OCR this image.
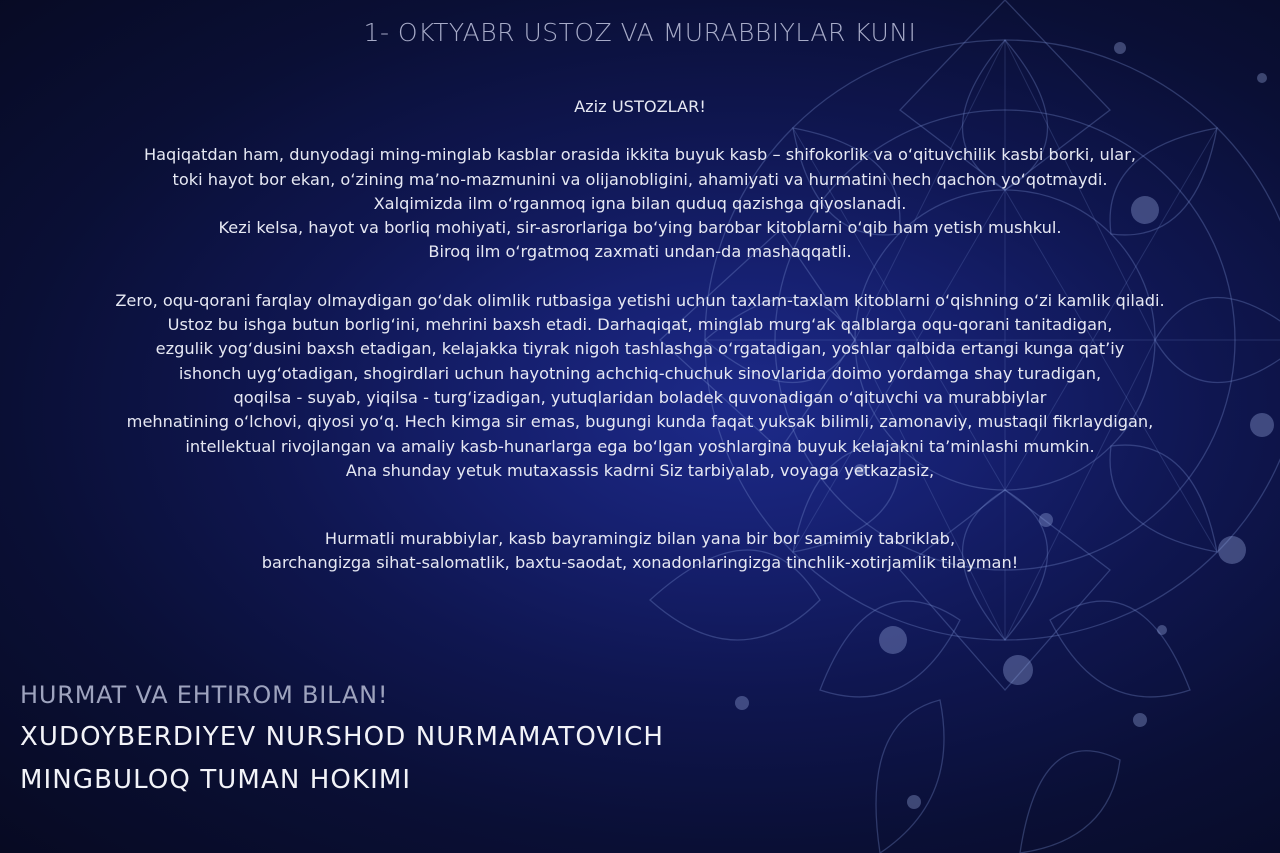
1- OKTYABR USTOZ VA MURABBIYLAR KUNI

Aziz USTOZLAR!

Haqiqatdan ham, dunyodagi ming-minglab kasblar orasida ikkita buyuk kasb – shifokorlik va o‘qituvchilik kasbi borki, ular,

toki hayot bor ekan, o‘zining ma’no-mazmunini va olijanobligini, ahamiyati va hurmatini hech qachon yo‘qotmaydi.

Xalqimizda ilm o‘rganmoq igna bilan quduq qazishga qiyoslanadi.

Kezi kelsa, hayot va borliq mohiyati, sir-asrorlariga bo‘ying barobar kitoblarni o‘qib ham yetish mushkul.

Biroq ilm o‘rgatmoq zaxmati undan-da mashaqqatli.

Zero, oqu-qorani farqlay olmaydigan go‘dak olimlik rutbasiga yetishi uchun taxlam-taxlam kitoblarni o‘qishning o‘zi kamlik qiladi.

Ustoz bu ishga butun borlig‘ini, mehrini baxsh etadi. Darhaqiqat, minglab murg‘ak qalblarga oqu-qorani tanitadigan,

ezgulik yog‘dusini baxsh etadigan, kelajakka tiyrak nigoh tashlashga o‘rgatadigan, yoshlar qalbida ertangi kunga qat’iy

ishonch uyg‘otadigan, shogirdlari uchun hayotning achchiq-chuchuk sinovlarida doimo yordamga shay turadigan,

qoqilsa - suyab, yiqilsa - turg‘izadigan, yutuqlaridan boladek quvonadigan o‘qituvchi va murabbiylar

mehnatining o‘lchovi, qiyosi yo‘q. Hech kimga sir emas, bugungi kunda faqat yuksak bilimli, zamonaviy, mustaqil fikrlaydigan,

intellektual rivojlangan va amaliy kasb-hunarlarga ega bo‘lgan yoshlargina buyuk kelajakni ta’minlashi mumkin.

Ana shunday yetuk mutaxassis kadrni Siz tarbiyalab, voyaga yetkazasiz,

Hurmatli murabbiylar, kasb bayramingiz bilan yana bir bor samimiy tabriklab,

barchangizga sihat-salomatlik, baxtu-saodat, xonadonlaringizga tinchlik-xotirjamlik tilayman!

HURMAT VA EHTIROM BILAN!
XUDOYBERDIYEV NURSHOD NURMAMATOVICH
MINGBULOQ TUMAN HOKIMI
